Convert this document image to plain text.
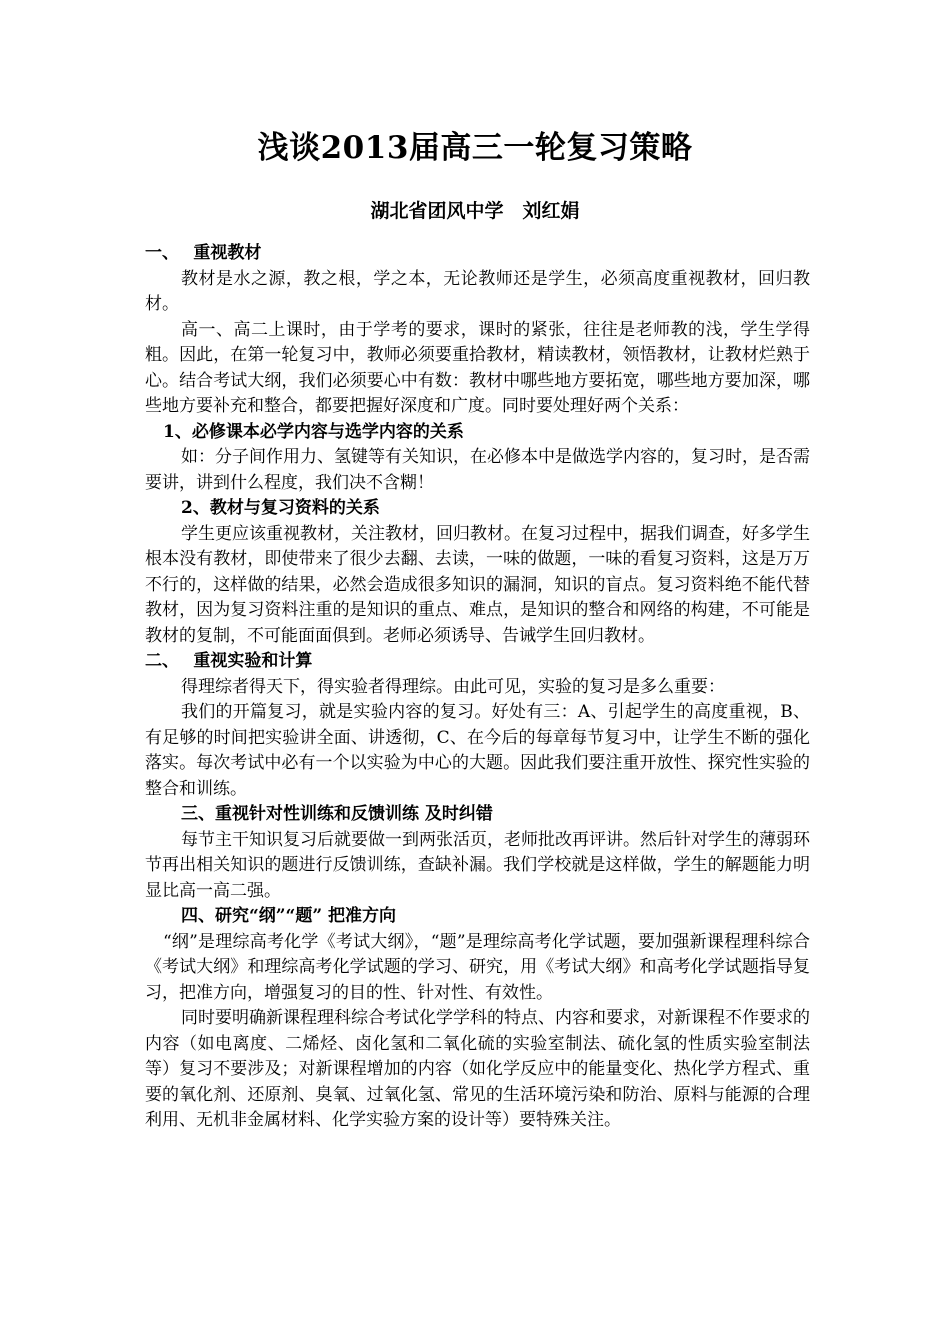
浅谈2013届高三一轮复习策略
湖北省团风中学　刘红娟

一、　 重视教材

教材是水之源，教之根，学之本，无论教师还是学生，必须高度重视教材，回归教材。

高一、高二上课时，由于学考的要求，课时的紧张，往往是老师教的浅，学生学得粗。因此，在第一轮复习中，教师必须要重拾教材，精读教材，领悟教材，让教材烂熟于心。结合考试大纲，我们必须要心中有数：教材中哪些地方要拓宽，哪些地方要加深，哪些地方要补充和整合，都要把握好深度和广度。同时要处理好两个关系：

1、必修课本必学内容与选学内容的关系

如：分子间作用力、氢键等有关知识，在必修本中是做选学内容的，复习时，是否需要讲，讲到什么程度，我们决不含糊！

2、教材与复习资料的关系

学生更应该重视教材，关注教材，回归教材。在复习过程中，据我们调查，好多学生根本没有教材，即使带来了很少去翻、去读，一味的做题，一味的看复习资料，这是万万不行的，这样做的结果，必然会造成很多知识的漏洞，知识的盲点。复习资料绝不能代替教材，因为复习资料注重的是知识的重点、难点，是知识的整合和网络的构建，不可能是教材的复制，不可能面面俱到。老师必须诱导、告诫学生回归教材。

二、　 重视实验和计算

得理综者得天下，得实验者得理综。由此可见，实验的复习是多么重要：

我们的开篇复习，就是实验内容的复习。好处有三：A、引起学生的高度重视，B、有足够的时间把实验讲全面、讲透彻，C、在今后的每章每节复习中，让学生不断的强化落实。每次考试中必有一个以实验为中心的大题。因此我们要注重开放性、探究性实验的整合和训练。

三、重视针对性训练和反馈训练 及时纠错

每节主干知识复习后就要做一到两张活页，老师批改再评讲。然后针对学生的薄弱环节再出相关知识的题进行反馈训练，查缺补漏。我们学校就是这样做，学生的解题能力明显比高一高二强。

四、研究“纲”“题” 把准方向

“纲”是理综高考化学《考试大纲》，“题”是理综高考化学试题，要加强新课程理科综合《考试大纲》和理综高考化学试题的学习、研究，用《考试大纲》和高考化学试题指导复习，把准方向，增强复习的目的性、针对性、有效性。

同时要明确新课程理科综合考试化学学科的特点、内容和要求，对新课程不作要求的内容（如电离度、二烯烃、卤化氢和二氧化硫的实验室制法、硫化氢的性质实验室制法等）复习不要涉及；对新课程增加的内容（如化学反应中的能量变化、热化学方程式、重要的氧化剂、还原剂、臭氧、过氧化氢、常见的生活环境污染和防治、原料与能源的合理利用、无机非金属材料、化学实验方案的设计等）要特殊关注。
